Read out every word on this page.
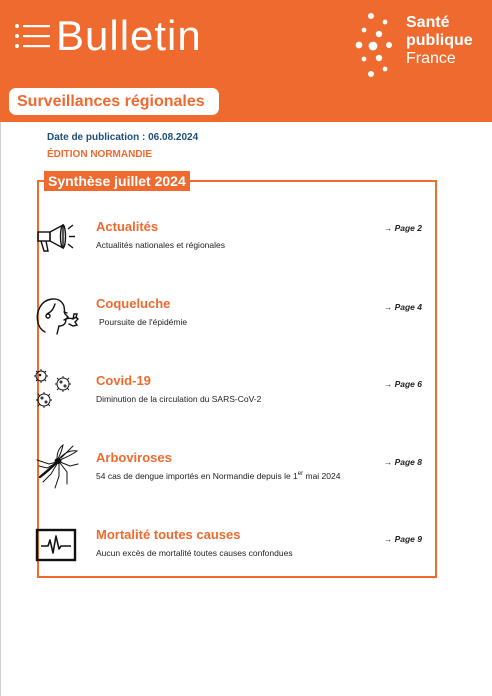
Bulletin	Santé
publique
France
Surveillances régionales
Date de publication : 06.08.2024
ÉDITION NORMANDIE
Synthèse juillet 2024
Actualités
Actualités nationales et régionales
→ Page 2
Coqueluche
Poursuite de l'épidémie
→ Page 4
Covid-19
Diminution de la circulation du SARS-CoV-2
→ Page 6
Arboviroses
54 cas de dengue importés en Normandie depuis le 1er mai 2024
→ Page 8
Mortalité toutes causes
Aucun excès de mortalité toutes causes confondues
→ Page 9
